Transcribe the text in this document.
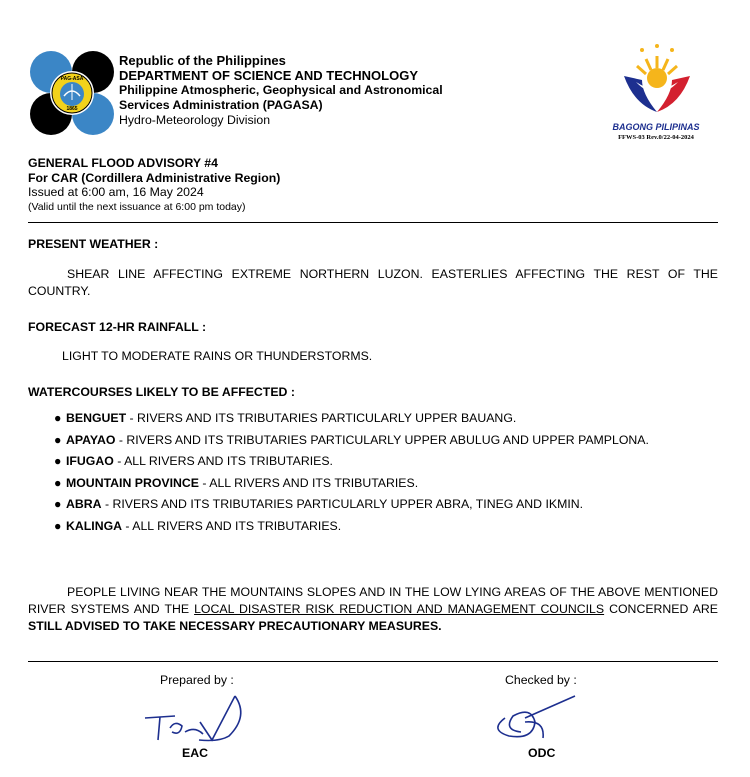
PAG-ASA
1865
Republic of the Philippines
DEPARTMENT OF SCIENCE AND TECHNOLOGY
Philippine Atmospheric, Geophysical and Astronomical
Services Administration (PAGASA)
Hydro-Meteorology Division	BAGONG PILIPINAS
FFWS-03 Rev.0/22-04-2024
GENERAL FLOOD ADVISORY #4
For CAR (Cordillera Administrative Region)
Issued at 6:00 am, 16 May 2024
(Valid until the next issuance at 6:00 pm today)
PRESENT WEATHER :
SHEAR LINE AFFECTING EXTREME NORTHERN LUZON. EASTERLIES AFFECTING THE REST OF THE COUNTRY.
FORECAST 12-HR RAINFALL :
LIGHT TO MODERATE RAINS OR THUNDERSTORMS.
WATERCOURSES LIKELY TO BE AFFECTED :
● BENGUET - RIVERS AND ITS TRIBUTARIES PARTICULARLY UPPER BAUANG.
● APAYAO - RIVERS AND ITS TRIBUTARIES PARTICULARLY UPPER ABULUG AND UPPER PAMPLONA.
● IFUGAO - ALL RIVERS AND ITS TRIBUTARIES.
● MOUNTAIN PROVINCE - ALL RIVERS AND ITS TRIBUTARIES.
● ABRA - RIVERS AND ITS TRIBUTARIES PARTICULARLY UPPER ABRA, TINEG AND IKMIN.
● KALINGA - ALL RIVERS AND ITS TRIBUTARIES.
PEOPLE LIVING NEAR THE MOUNTAINS SLOPES AND IN THE LOW LYING AREAS OF THE ABOVE MENTIONED RIVER SYSTEMS AND THE LOCAL DISASTER RISK REDUCTION AND MANAGEMENT COUNCILS CONCERNED ARE STILL ADVISED TO TAKE NECESSARY PRECAUTIONARY MEASURES.
Prepared by :
EAC
Checked by :
ODC
